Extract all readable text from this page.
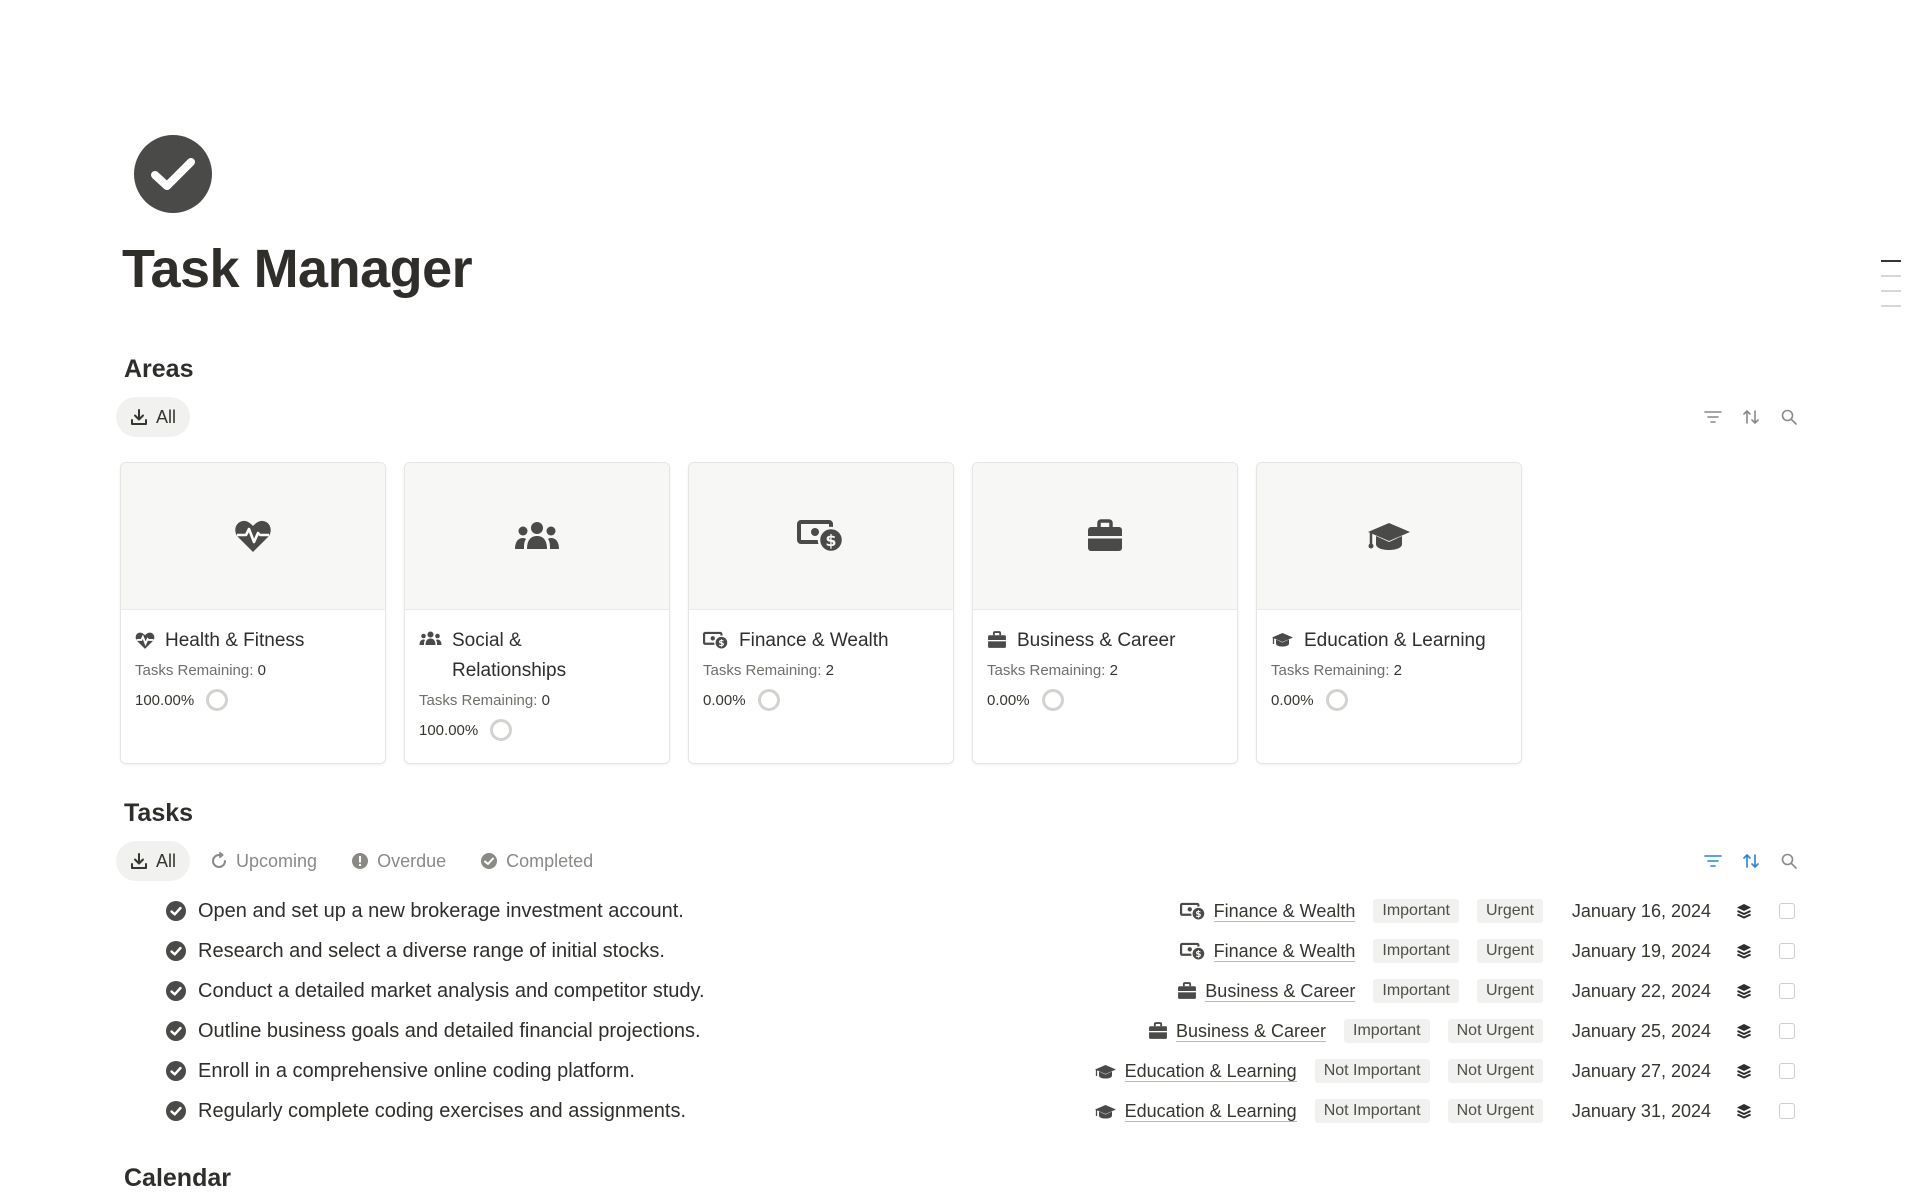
Task Manager
Areas
All
Health & Fitness
Tasks Remaining: 0
100.00%
Social & Relationships
Tasks Remaining: 0
100.00%
$
$ Finance & Wealth
Tasks Remaining: 2
0.00%
Business & Career
Tasks Remaining: 2
0.00%
Education & Learning
Tasks Remaining: 2
0.00%
Tasks
All	Upcoming	Overdue	Completed
Open and set up a new brokerage investment account.	$ Finance & Wealth	Important	Urgent	January 16, 2024
Research and select a diverse range of initial stocks.	$ Finance & Wealth	Important	Urgent	January 19, 2024
Conduct a detailed market analysis and competitor study.	Business & Career	Important	Urgent	January 22, 2024
Outline business goals and detailed financial projections.	Business & Career	Important	Not Urgent	January 25, 2024
Enroll in a comprehensive online coding platform.	Education & Learning	Not Important	Not Urgent	January 27, 2024
Regularly complete coding exercises and assignments.	Education & Learning	Not Important	Not Urgent	January 31, 2024
Calendar
